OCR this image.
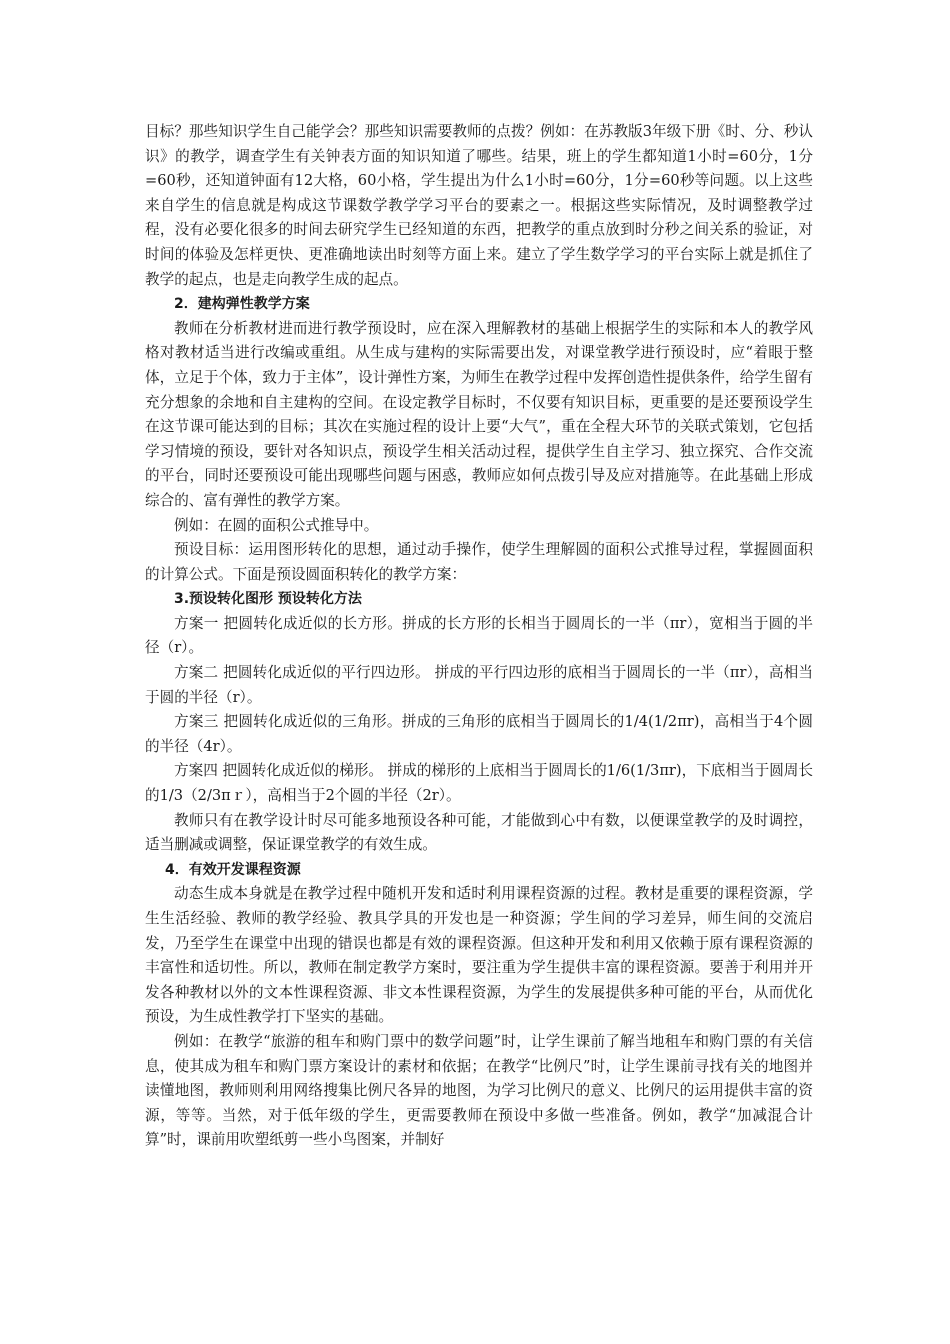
目标？那些知识学生自己能学会？那些知识需要教师的点拨？例如：在苏教版3年级下册《时、分、秒认识》的教学，调查学生有关钟表方面的知识知道了哪些。结果，班上的学生都知道1小时=60分，1分=60秒，还知道钟面有12大格，60小格，学生提出为什么1小时=60分，1分=60秒等问题。以上这些来自学生的信息就是构成这节课数学教学学习平台的要素之一。根据这些实际情况，及时调整教学过程，没有必要化很多的时间去研究学生已经知道的东西，把教学的重点放到时分秒之间关系的验证，对时间的体验及怎样更快、更准确地读出时刻等方面上来。建立了学生数学学习的平台实际上就是抓住了教学的起点，也是走向教学生成的起点。

2．建构弹性教学方案

教师在分析教材进而进行教学预设时，应在深入理解教材的基础上根据学生的实际和本人的教学风格对教材适当进行改编或重组。从生成与建构的实际需要出发，对课堂教学进行预设时，应“着眼于整体，立足于个体，致力于主体”，设计弹性方案，为师生在教学过程中发挥创造性提供条件，给学生留有充分想象的余地和自主建构的空间。在设定教学目标时，不仅要有知识目标，更重要的是还要预设学生在这节课可能达到的目标；其次在实施过程的设计上要“大气”，重在全程大环节的关联式策划，它包括学习情境的预设，要针对各知识点，预设学生相关活动过程，提供学生自主学习、独立探究、合作交流的平台，同时还要预设可能出现哪些问题与困惑，教师应如何点拨引导及应对措施等。在此基础上形成综合的、富有弹性的教学方案。

例如：在圆的面积公式推导中。

预设目标：运用图形转化的思想，通过动手操作，使学生理解圆的面积公式推导过程，掌握圆面积的计算公式。下面是预设圆面积转化的教学方案：

3.预设转化图形 预设转化方法

方案一 把圆转化成近似的长方形。拼成的长方形的长相当于圆周长的一半（πr），宽相当于圆的半径（r）。

方案二 把圆转化成近似的平行四边形。 拼成的平行四边形的底相当于圆周长的一半（πr），高相当于圆的半径（r）。

方案三 把圆转化成近似的三角形。拼成的三角形的底相当于圆周长的1/4(1/2πr)，高相当于4个圆的半径（4r）。

方案四 把圆转化成近似的梯形。 拼成的梯形的上底相当于圆周长的1/6(1/3πr)，下底相当于圆周长的1/3（2/3πｒ），高相当于2个圆的半径（2r）。

教师只有在教学设计时尽可能多地预设各种可能，才能做到心中有数，以便课堂教学的及时调控，适当删减或调整，保证课堂教学的有效生成。

4．有效开发课程资源

动态生成本身就是在教学过程中随机开发和适时利用课程资源的过程。教材是重要的课程资源，学生生活经验、教师的教学经验、教具学具的开发也是一种资源；学生间的学习差异，师生间的交流启发，乃至学生在课堂中出现的错误也都是有效的课程资源。但这种开发和利用又依赖于原有课程资源的丰富性和适切性。所以，教师在制定教学方案时，要注重为学生提供丰富的课程资源。要善于利用并开发各种教材以外的文本性课程资源、非文本性课程资源，为学生的发展提供多种可能的平台，从而优化预设，为生成性教学打下坚实的基础。

例如：在教学“旅游的租车和购门票中的数学问题”时，让学生课前了解当地租车和购门票的有关信息，使其成为租车和购门票方案设计的素材和依据；在教学“比例尺”时，让学生课前寻找有关的地图并读懂地图，教师则利用网络搜集比例尺各异的地图，为学习比例尺的意义、比例尺的运用提供丰富的资源，等等。当然，对于低年级的学生，更需要教师在预设中多做一些准备。例如，教学“加减混合计算”时，课前用吹塑纸剪一些小鸟图案，并制好
